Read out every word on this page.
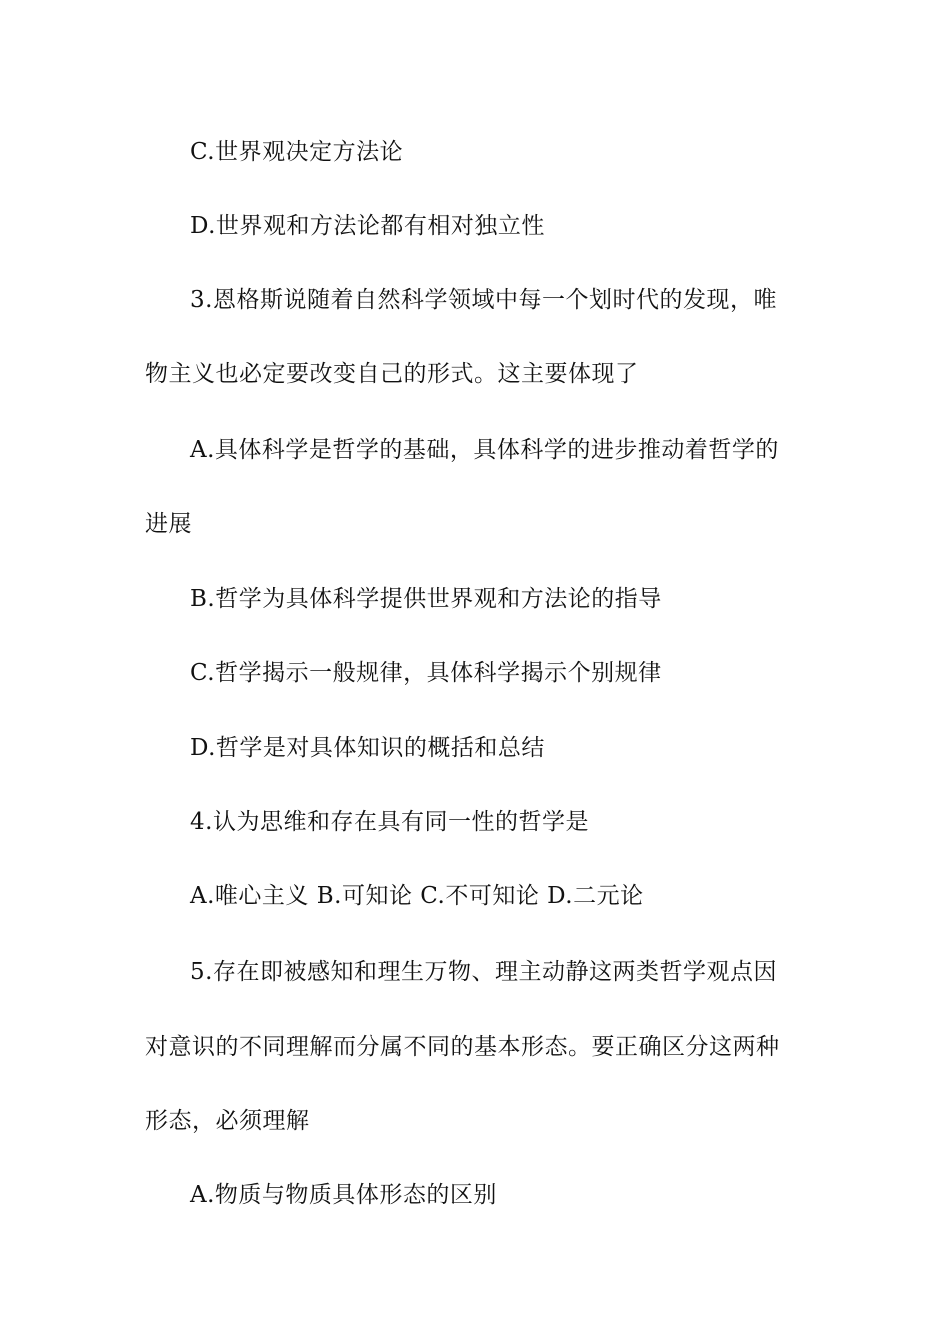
C.世界观决定方法论
D.世界观和方法论都有相对独立性
3.恩格斯说随着自然科学领域中每一个划时代的发现，唯
物主义也必定要改变自己的形式。这主要体现了
A.具体科学是哲学的基础，具体科学的进步推动着哲学的
进展
B.哲学为具体科学提供世界观和方法论的指导
C.哲学揭示一般规律，具体科学揭示个别规律
D.哲学是对具体知识的概括和总结
4.认为思维和存在具有同一性的哲学是
A.唯心主义 B.可知论 C.不可知论 D.二元论
5.存在即被感知和理生万物、理主动静这两类哲学观点因
对意识的不同理解而分属不同的基本形态。要正确区分这两种
形态，必须理解
A.物质与物质具体形态的区别
